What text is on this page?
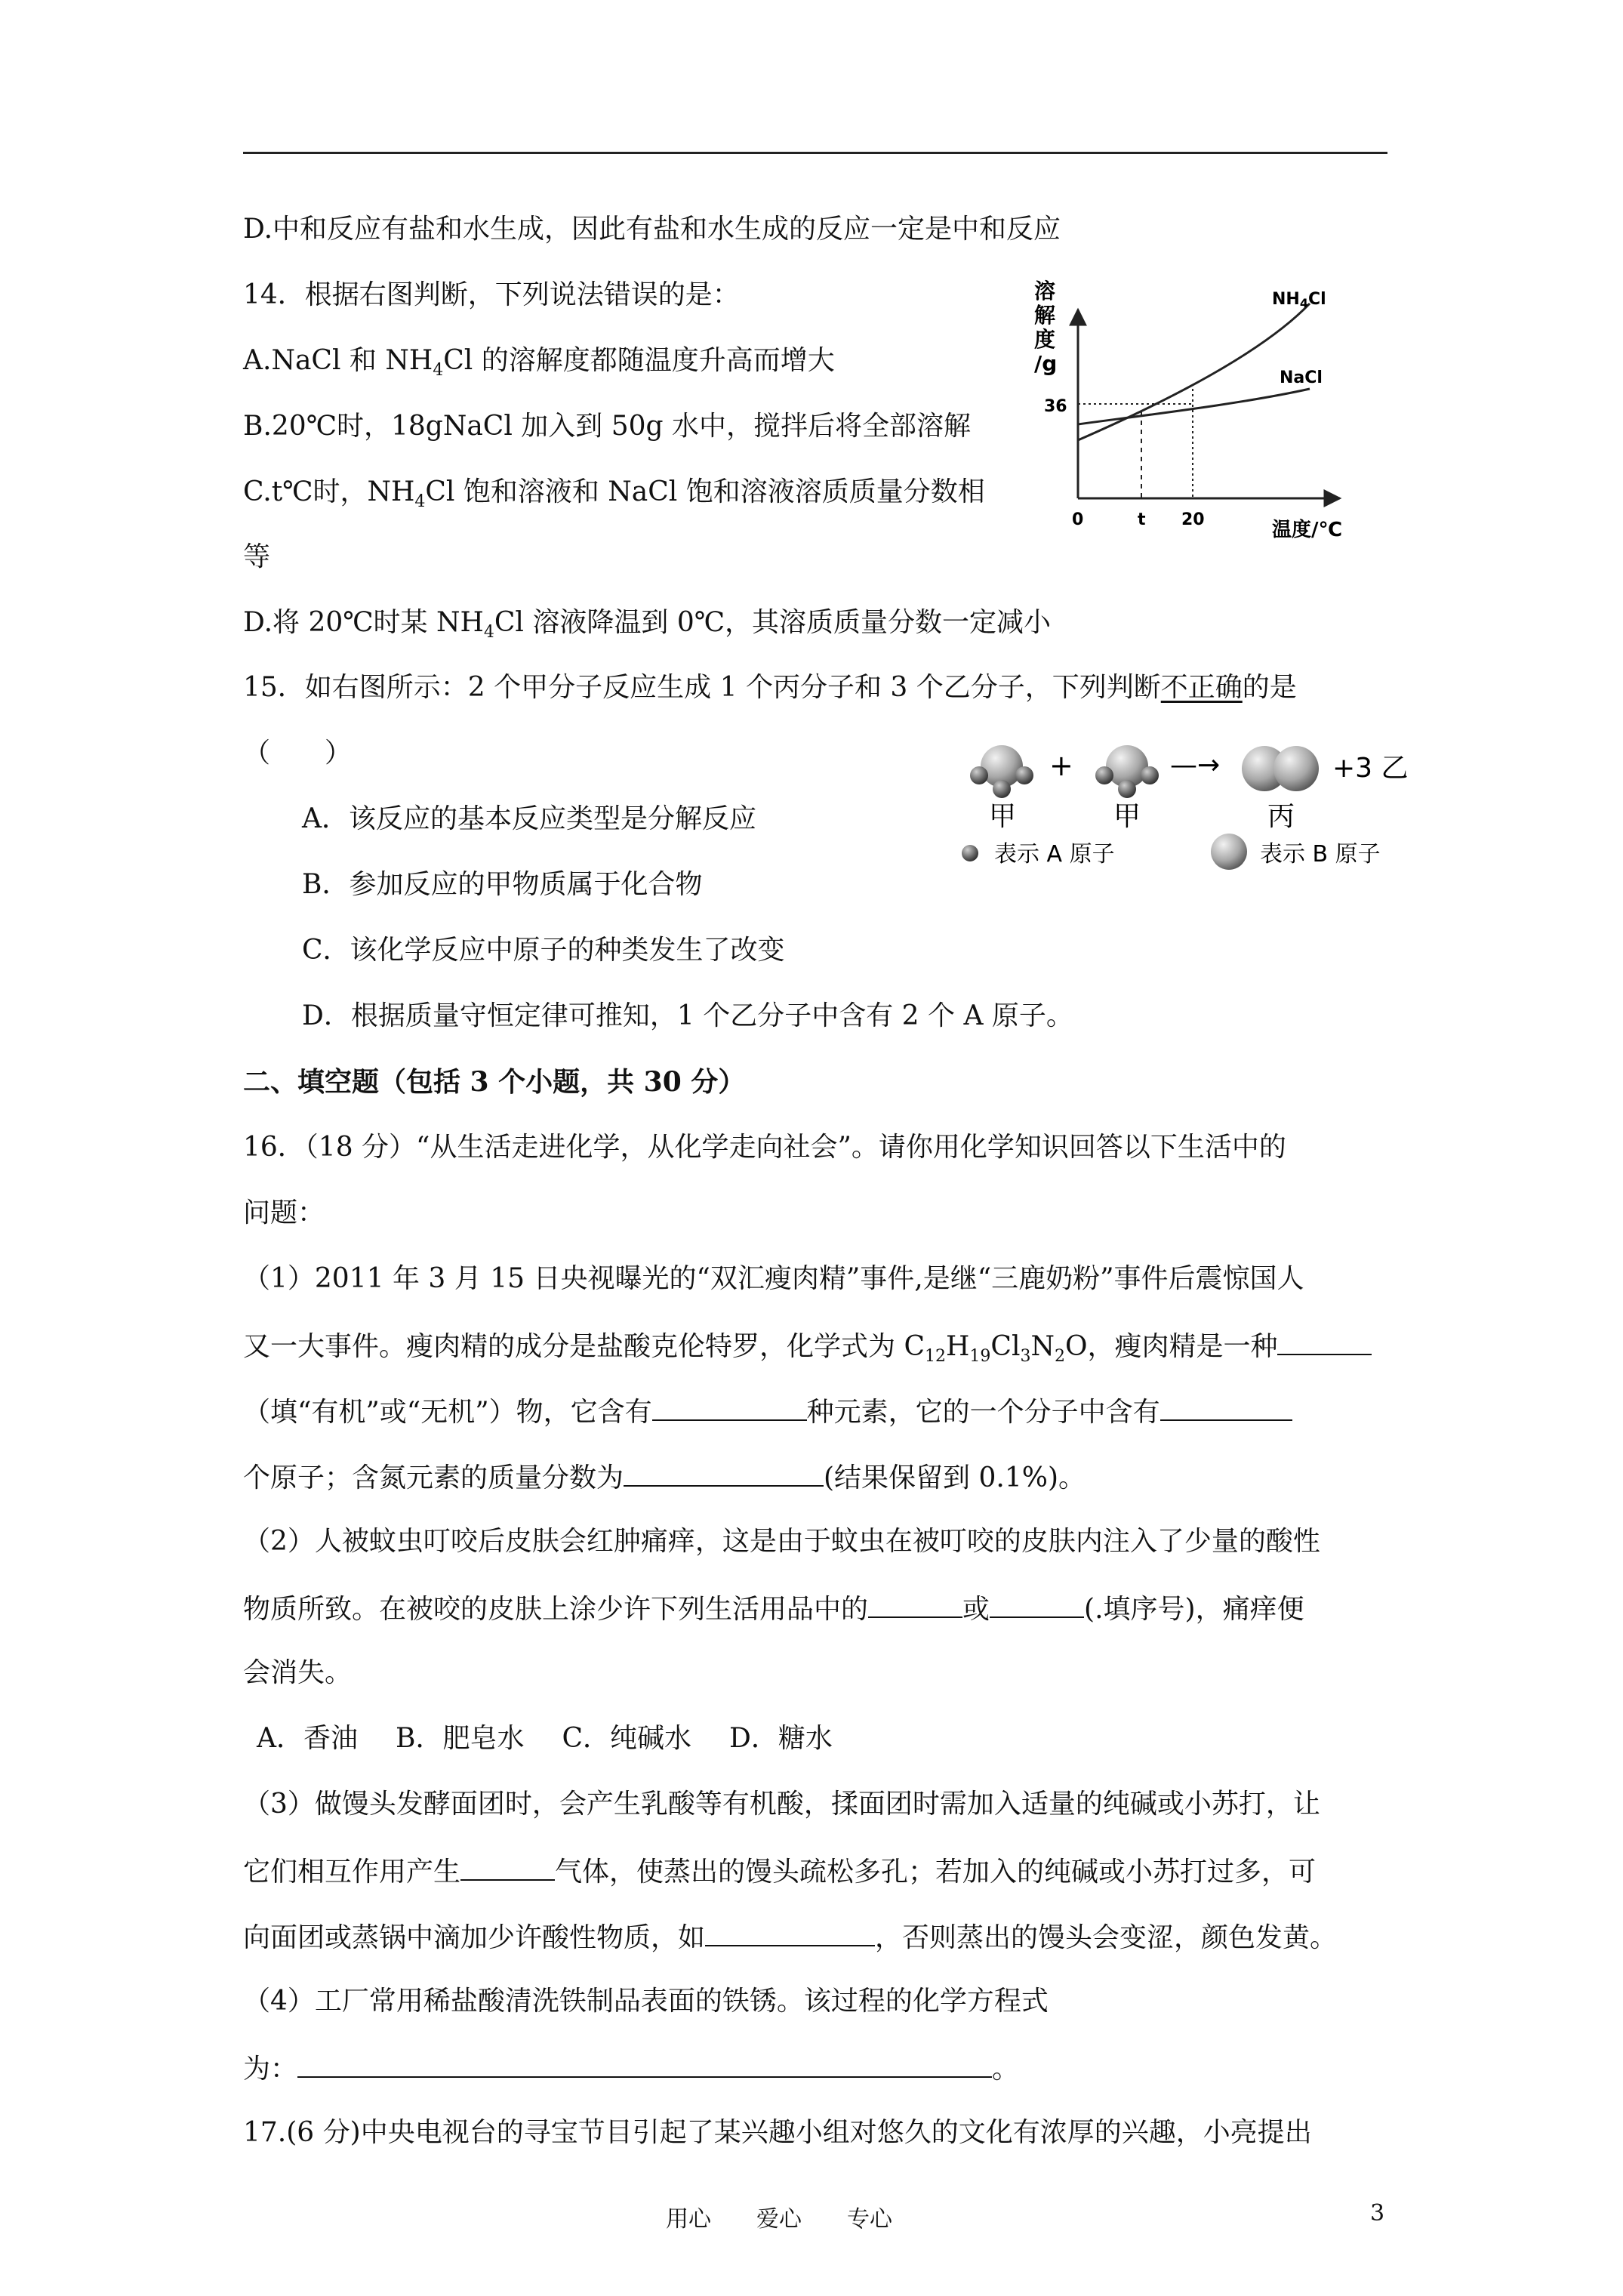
D.中和反应有盐和水生成，因此有盐和水生成的反应一定是中和反应
14．根据右图判断，下列说法错误的是：
A.NaCl 和 $NH_4Cl$ 的溶解度都随温度升高而增大
B.20℃时，18gNaCl 加入到 50g 水中，搅拌后将全部溶解
C.t℃时，$NH_4Cl$ 饱和溶液和 NaCl 饱和溶液溶质质量分数相
等
D.将 20℃时某 $NH_4Cl$ 溶液降温到 0℃，其溶质质量分数一定减小
溶
解
度
/g
NH4Cl
NaCl
36
0	t 20	温度/℃
15．如右图所示：2 个甲分子反应生成 1 个丙分子和 3 个乙分子，下列判断不正确的是
（　　）
A．该反应的基本反应类型是分解反应
B．参加反应的甲物质属于化合物
C．该化学反应中原子的种类发生了改变
D．根据质量守恒定律可推知，1 个乙分子中含有 2 个 A 原子。
+	—→	+3 乙
甲	甲	丙
表示 A 原子	表示 B 原子
二、填空题（包括 3 个小题，共 30 分）
16．（18 分）“从生活走进化学，从化学走向社会”。请你用化学知识回答以下生活中的
问题：
（1）2011 年 3 月 15 日央视曝光的“双汇瘦肉精”事件,是继“三鹿奶粉”事件后震惊国人
又一大事件。瘦肉精的成分是盐酸克伦特罗，化学式为 $C_{12}H_{19}Cl_3N_2O$，瘦肉精是一种
（填“有机”或“无机”）物，它含有	种元素，它的一个分子中含有
个原子；含氮元素的质量分数为	(结果保留到 0.1%)。
（2）人被蚊虫叮咬后皮肤会红肿痛痒，这是由于蚊虫在被叮咬的皮肤内注入了少量的酸性
物质所致。在被咬的皮肤上涂少许下列生活用品中的	或	(.填序号)，痛痒便
会消失。
A．香油 B．肥皂水 C．纯碱水 D．糖水
（3）做馒头发酵面团时，会产生乳酸等有机酸，揉面团时需加入适量的纯碱或小苏打，让
它们相互作用产生	气体，使蒸出的馒头疏松多孔；若加入的纯碱或小苏打过多，可
向面团或蒸锅中滴加少许酸性物质，如	，否则蒸出的馒头会变涩，颜色发黄。
（4）工厂常用稀盐酸清洗铁制品表面的铁锈。该过程的化学方程式
为：	。
17.(6 分)中央电视台的寻宝节目引起了某兴趣小组对悠久的文化有浓厚的兴趣，小亮提出
用心　　爱心　　专心	3
